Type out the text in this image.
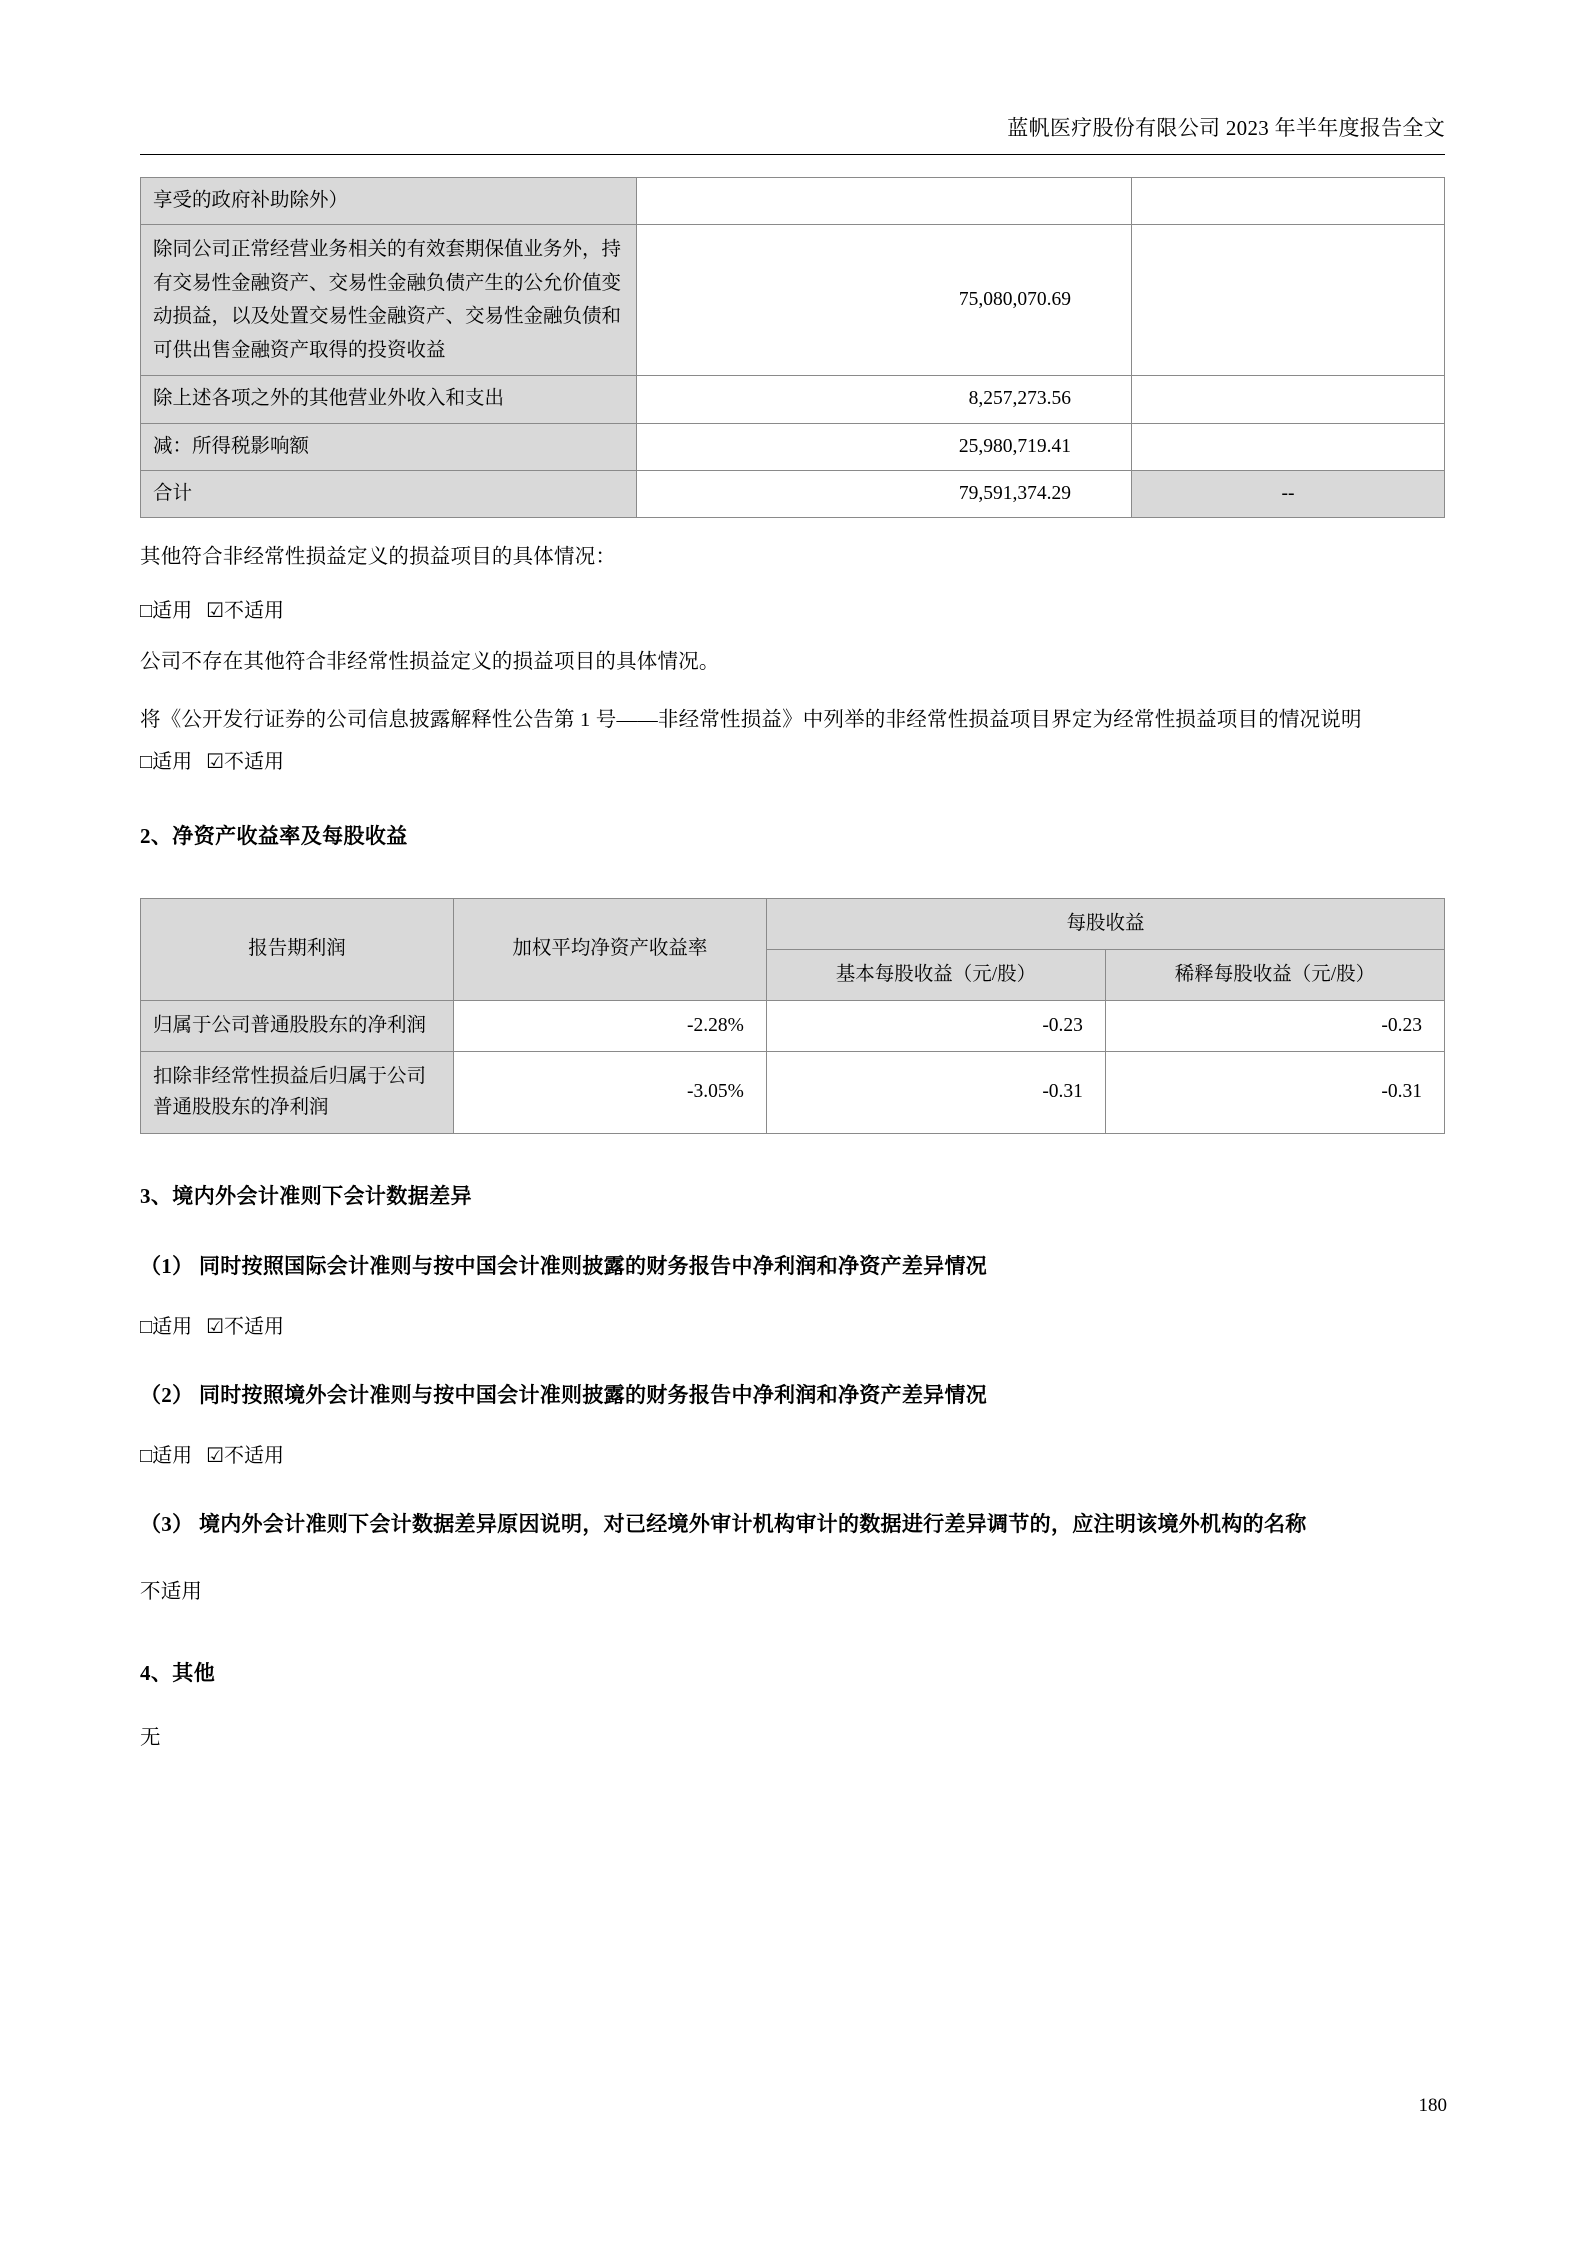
蓝帆医疗股份有限公司 2023 年半年度报告全文
享受的政府补助除外）		
除同公司正常经营业务相关的有效套期保值业务外，持有交易性金融资产、交易性金融负债产生的公允价值变动损益，以及处置交易性金融资产、交易性金融负债和可供出售金融资产取得的投资收益	75,080,070.69	
除上述各项之外的其他营业外收入和支出	8,257,273.56	
减：所得税影响额	25,980,719.41	
合计	79,591,374.29	--

其他符合非经常性损益定义的损益项目的具体情况：

□适用 ☑不适用

公司不存在其他符合非经常性损益定义的损益项目的具体情况。

将《公开发行证券的公司信息披露解释性公告第 1 号——非经常性损益》中列举的非经常性损益项目界定为经常性损益项目的情况说明

□适用 ☑不适用
2、净资产收益率及每股收益
报告期利润	加权平均净资产收益率	每股收益	
		基本每股收益（元/股）	稀释每股收益（元/股）
归属于公司普通股股东的净利润	-2.28%	-0.23	-0.23
扣除非经常性损益后归属于公司普通股股东的净利润	-3.05%	-0.31	-0.31
3、境内外会计准则下会计数据差异
（1） 同时按照国际会计准则与按中国会计准则披露的财务报告中净利润和净资产差异情况
□适用 ☑不适用
（2） 同时按照境外会计准则与按中国会计准则披露的财务报告中净利润和净资产差异情况
□适用 ☑不适用
（3） 境内外会计准则下会计数据差异原因说明，对已经境外审计机构审计的数据进行差异调节的，应注明该境外机构的名称

不适用

4、其他

无

180
